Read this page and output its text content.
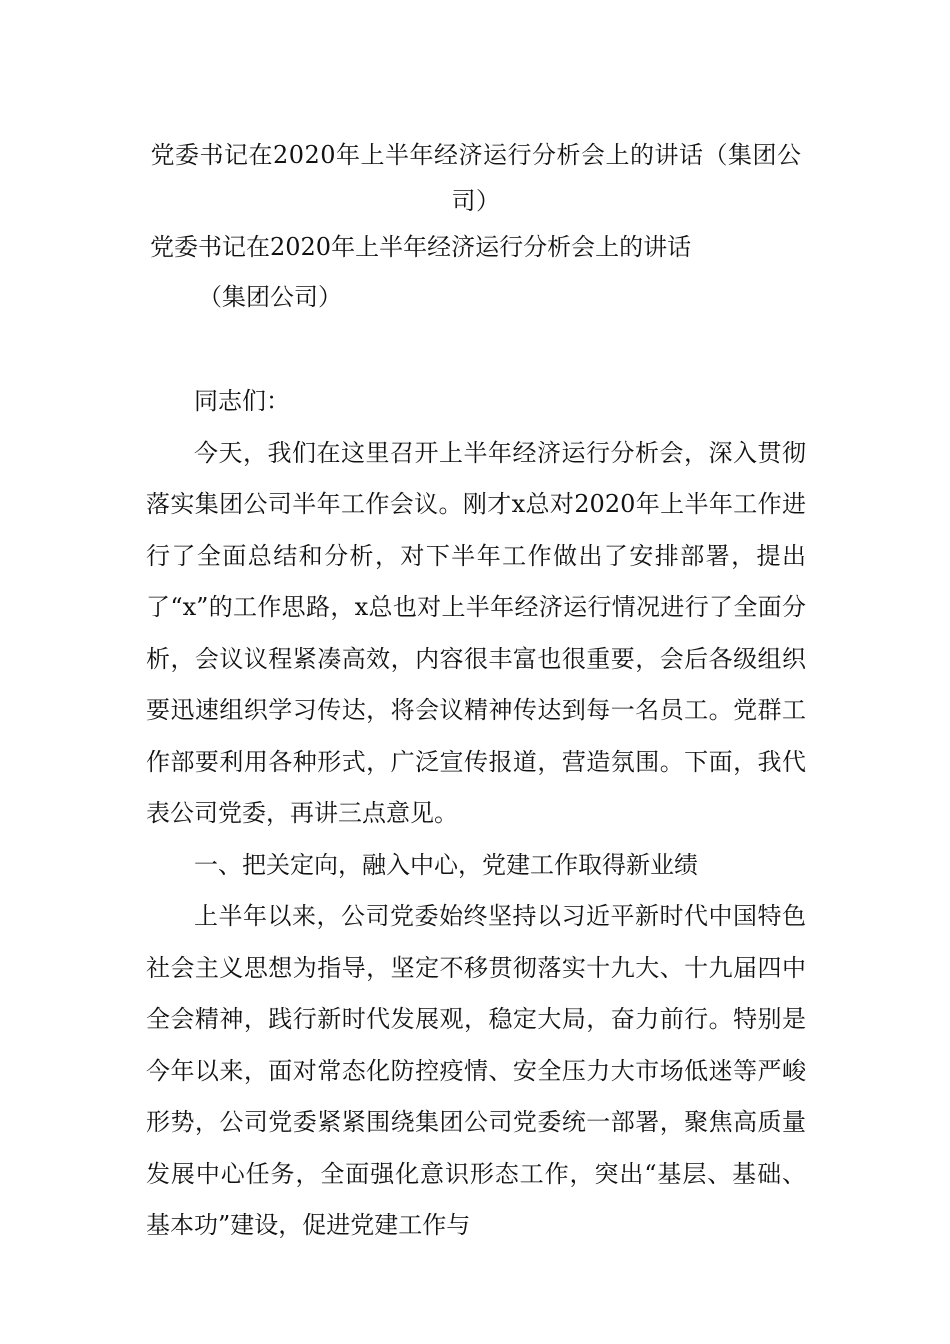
党委书记在2020年上半年经济运行分析会上的讲话（集团公司）
党委书记在2020年上半年经济运行分析会上的讲话
（集团公司）

同志们：

今天，我们在这里召开上半年经济运行分析会，深入贯彻落实集团公司半年工作会议。刚才x总对2020年上半年工作进行了全面总结和分析，对下半年工作做出了安排部署，提出了“x”的工作思路，x总也对上半年经济运行情况进行了全面分析，会议议程紧凑高效，内容很丰富也很重要，会后各级组织要迅速组织学习传达，将会议精神传达到每一名员工。党群工作部要利用各种形式，广泛宣传报道，营造氛围。下面，我代表公司党委，再讲三点意见。

一、把关定向，融入中心，党建工作取得新业绩

上半年以来，公司党委始终坚持以习近平新时代中国特色社会主义思想为指导，坚定不移贯彻落实十九大、十九届四中全会精神，践行新时代发展观，稳定大局，奋力前行。特别是今年以来，面对常态化防控疫情、安全压力大市场低迷等严峻形势，公司党委紧紧围绕集团公司党委统一部署，聚焦高质量发展中心任务，全面强化意识形态工作，突出“基层、基础、基本功”建设，促进党建工作与
